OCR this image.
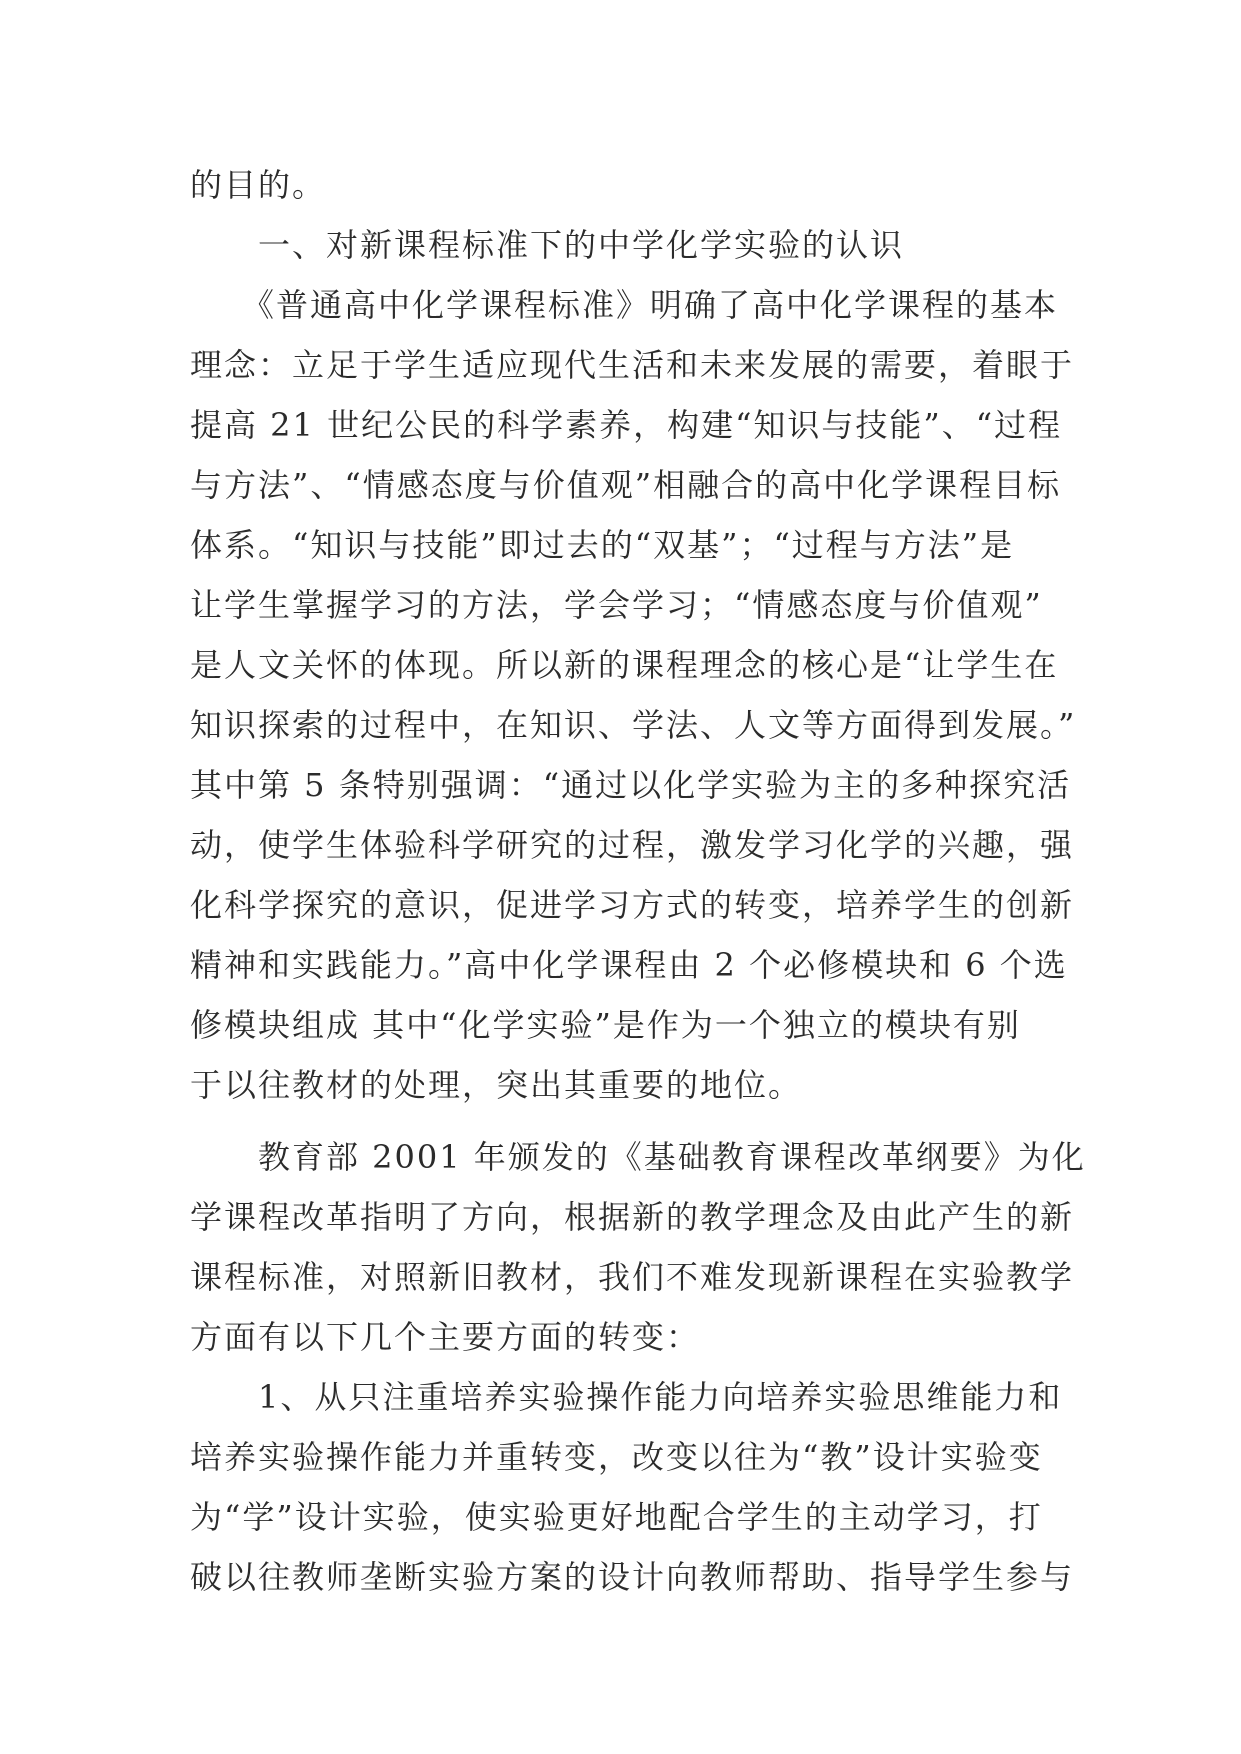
的目的。
　　一、对新课程标准下的中学化学实验的认识
　　《普通高中化学课程标准》明确了高中化学课程的基本
理念：立足于学生适应现代生活和未来发展的需要，着眼于
提高 21 世纪公民的科学素养，构建“知识与技能”、“过程
与方法”、“情感态度与价值观”相融合的高中化学课程目标
体系。“知识与技能”即过去的“双基”；“过程与方法”是
让学生掌握学习的方法，学会学习；“情感态度与价值观”
是人文关怀的体现。所以新的课程理念的核心是“让学生在
知识探索的过程中，在知识、学法、人文等方面得到发展。”
其中第 5 条特别强调：“通过以化学实验为主的多种探究活
动，使学生体验科学研究的过程，激发学习化学的兴趣，强
化科学探究的意识，促进学习方式的转变，培养学生的创新
精神和实践能力。”高中化学课程由 2 个必修模块和 6 个选
修模块组成 其中“化学实验”是作为一个独立的模块有别
于以往教材的处理，突出其重要的地位。
　　教育部 2001 年颁发的《基础教育课程改革纲要》为化
学课程改革指明了方向，根据新的教学理念及由此产生的新
课程标准，对照新旧教材，我们不难发现新课程在实验教学
方面有以下几个主要方面的转变：
　　1、从只注重培养实验操作能力向培养实验思维能力和
培养实验操作能力并重转变，改变以往为“教”设计实验变
为“学”设计实验，使实验更好地配合学生的主动学习，打
破以往教师垄断实验方案的设计向教师帮助、指导学生参与
